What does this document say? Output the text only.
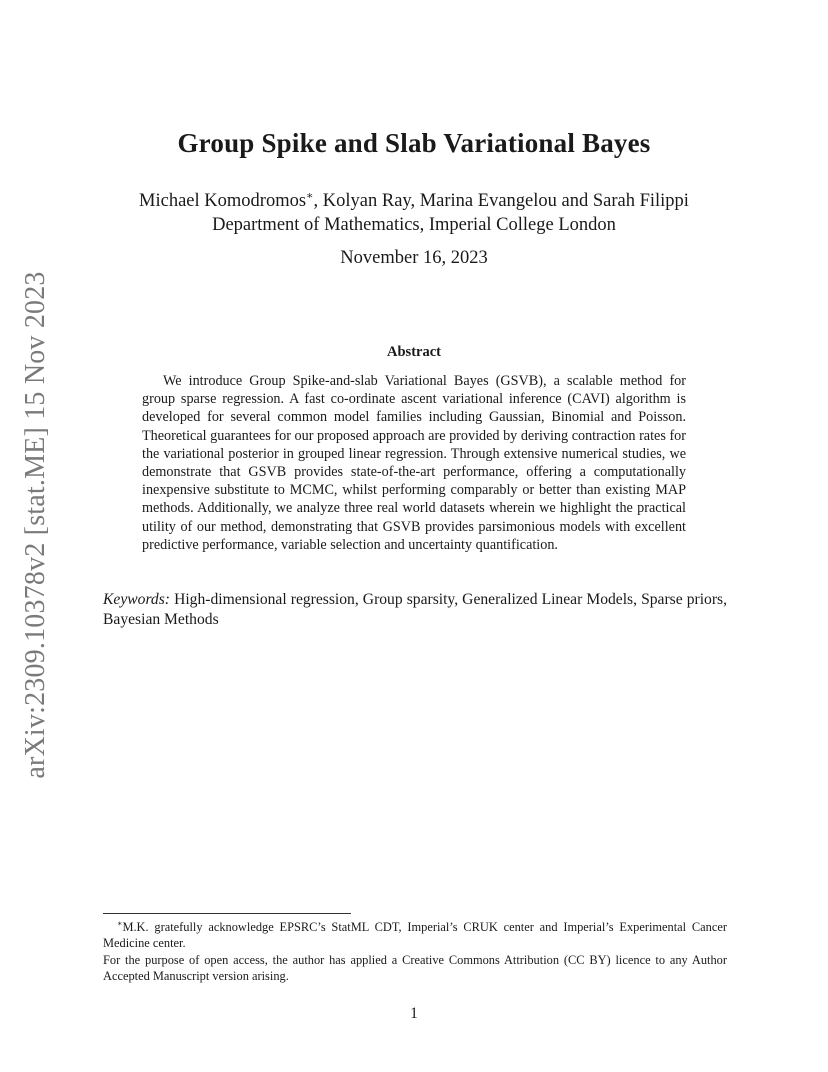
arXiv:2309.10378v2 [stat.ME] 15 Nov 2023
Group Spike and Slab Variational Bayes
Michael Komodromos∗, Kolyan Ray, Marina Evangelou and Sarah Filippi
Department of Mathematics, Imperial College London
November 16, 2023
Abstract

We introduce Group Spike-and-slab Variational Bayes (GSVB), a scalable method for group sparse regression. A fast co-ordinate ascent variational inference (CAVI) algorithm is developed for several common model families including Gaussian, Binomial and Poisson. Theoretical guarantees for our proposed approach are provided by deriving contraction rates for the variational posterior in grouped linear regression. Through extensive numerical studies, we demonstrate that GSVB provides state-of-the-art performance, offering a computationally inexpensive substitute to MCMC, whilst performing comparably or better than existing MAP methods. Additionally, we analyze three real world datasets wherein we highlight the practical utility of our method, demonstrating that GSVB provides parsimonious models with excellent predictive performance, variable selection and uncertainty quantification.

Keywords: High-dimensional regression, Group sparsity, Generalized Linear Models, Sparse priors, Bayesian Methods

∗M.K. gratefully acknowledge EPSRC’s StatML CDT, Imperial’s CRUK center and Imperial’s Experimental Cancer Medicine center.

For the purpose of open access, the author has applied a Creative Commons Attribution (CC BY) licence to any Author Accepted Manuscript version arising.

1
